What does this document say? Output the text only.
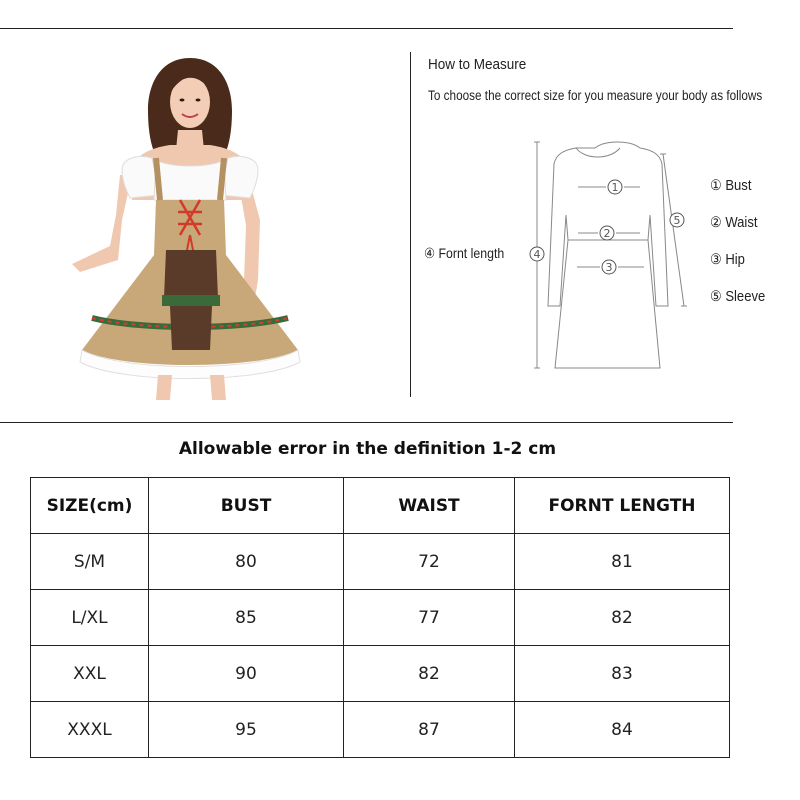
How to Measure
To choose the correct size for you measure your body as follows
1
2
3
4
5
④ Fornt length
① Bust
② Waist
③ Hip
⑤ Sleeve
Allowable error in the definition 1-2 cm
SIZE(cm)	BUST	WAIST	FORNT LENGTH
S/M	80	72	81
L/XL	85	77	82
XXL	90	82	83
XXXL	95	87	84
